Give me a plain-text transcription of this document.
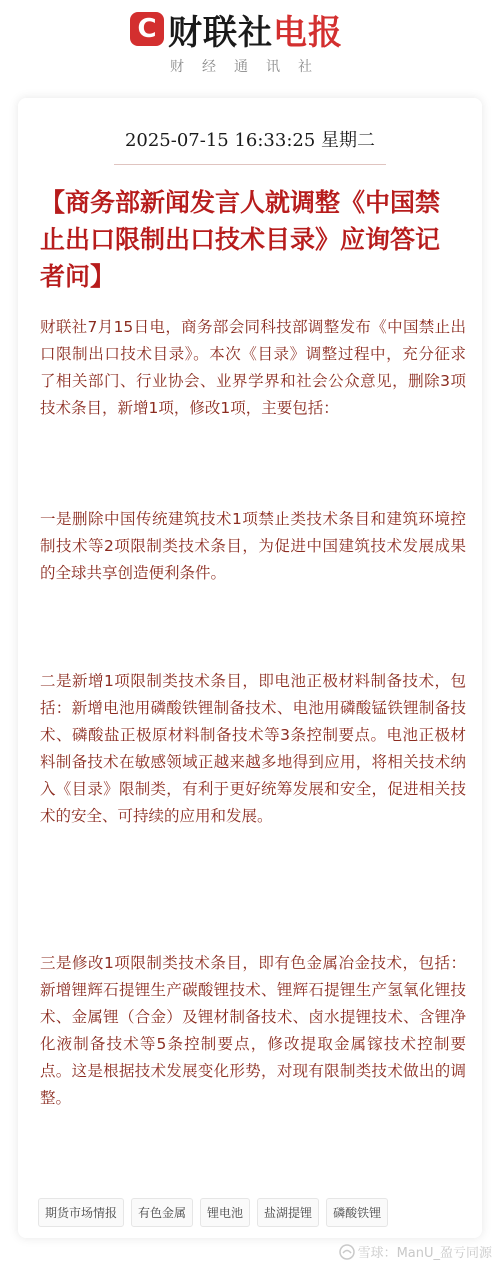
C 财联社电报
财经通讯社
2025-07-15 16:33:25 星期二
【商务部新闻发言人就调整《中国禁止出口限制出口技术目录》应询答记者问】
财联社7月15日电，商务部会同科技部调整发布《中国禁止出口限制出口技术目录》。本次《目录》调整过程中，充分征求了相关部门、行业协会、业界学界和社会公众意见，删除3项技术条目，新增1项，修改1项，主要包括：
一是删除中国传统建筑技术1项禁止类技术条目和建筑环境控制技术等2项限制类技术条目，为促进中国建筑技术发展成果的全球共享创造便利条件。
二是新增1项限制类技术条目，即电池正极材料制备技术，包括：新增电池用磷酸铁锂制备技术、电池用磷酸锰铁锂制备技术、磷酸盐正极原材料制备技术等3条控制要点。电池正极材料制备技术在敏感领域正越来越多地得到应用，将相关技术纳入《目录》限制类，有利于更好统筹发展和安全，促进相关技术的安全、可持续的应用和发展。
三是修改1项限制类技术条目，即有色金属冶金技术，包括：新增锂辉石提锂生产碳酸锂技术、锂辉石提锂生产氢氧化锂技术、金属锂（合金）及锂材制备技术、卤水提锂技术、含锂净化液制备技术等5条控制要点，修改提取金属镓技术控制要点。这是根据技术发展变化形势，对现有限制类技术做出的调整。
期货市场情报	有色金属	锂电池	盐湖提锂	磷酸铁锂
雪球：ManU_盈亏同源
